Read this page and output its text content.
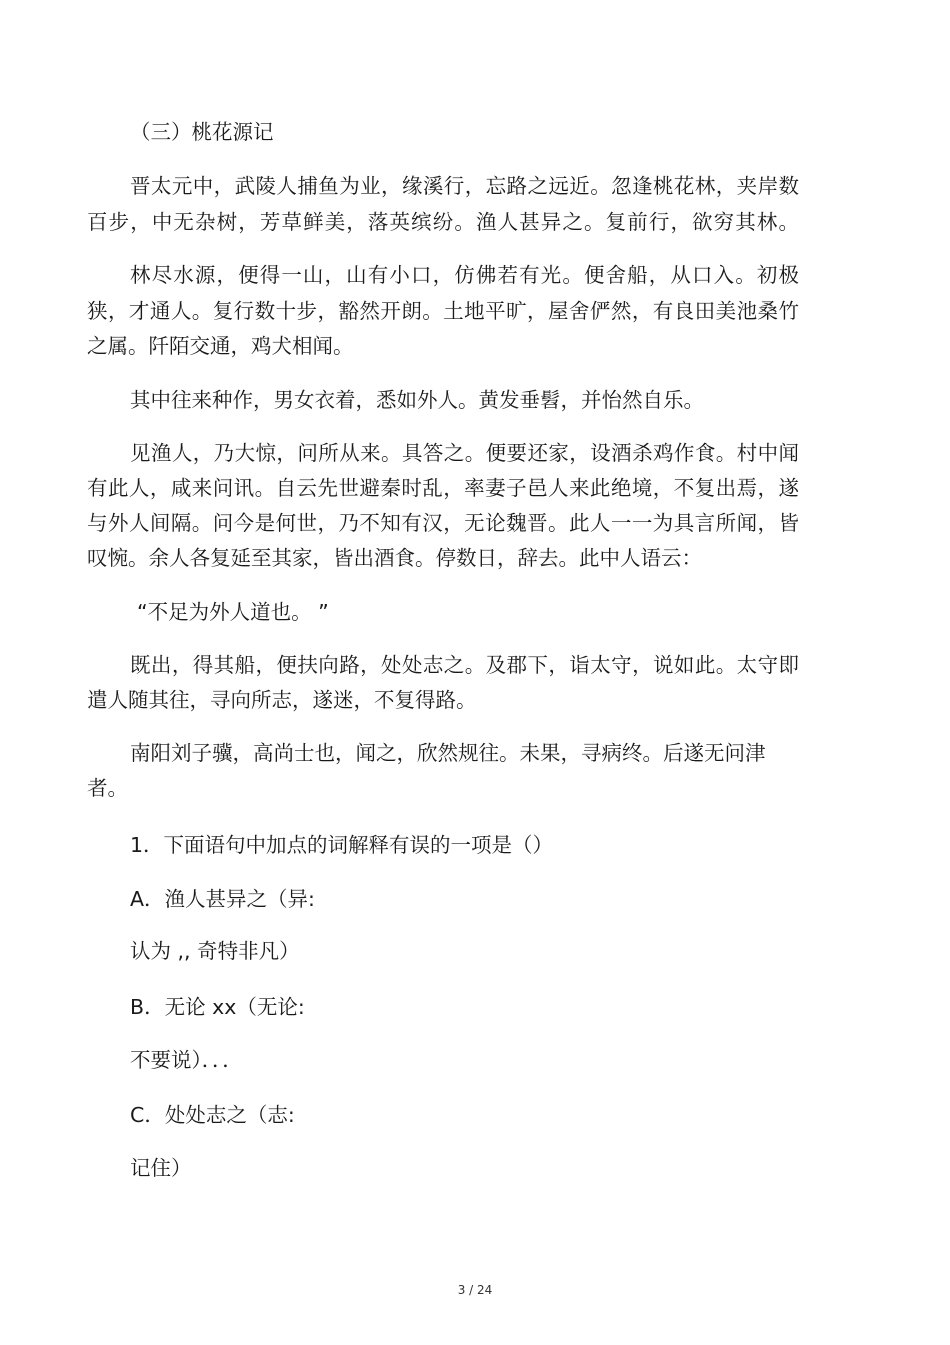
（三）桃花源记

晋太元中，武陵人捕鱼为业，缘溪行，忘路之远近。忽逢桃花林，夹岸数

百步，中无杂树，芳草鲜美，落英缤纷。渔人甚异之。复前行，欲穷其林。

林尽水源，便得一山，山有小口，仿佛若有光。便舍船，从口入。初极

狭，才通人。复行数十步，豁然开朗。土地平旷，屋舍俨然，有良田美池桑竹

之属。阡陌交通，鸡犬相闻。

其中往来种作，男女衣着，悉如外人。黄发垂髫，并怡然自乐。

见渔人，乃大惊，问所从来。具答之。便要还家，设酒杀鸡作食。村中闻

有此人，咸来问讯。自云先世避秦时乱，率妻子邑人来此绝境，不复出焉，遂

与外人间隔。问今是何世，乃不知有汉，无论魏晋。此人一一为具言所闻，皆

叹惋。余人各复延至其家，皆出酒食。停数日，辞去。此中人语云：

“不足为外人道也。 ”

既出，得其船，便扶向路，处处志之。及郡下，诣太守，说如此。太守即

遣人随其往，寻向所志，遂迷，不复得路。

南阳刘子骥，高尚士也，闻之，欣然规往。未果，寻病终。后遂无问津

者。

1．下面语句中加点的词解释有误的一项是（）

A．渔人甚异之（异:

认为 ,, 奇特非凡）

B．无论 xx（无论:

不要说）．．．

C．处处志之（志:

记住）

3 / 24
